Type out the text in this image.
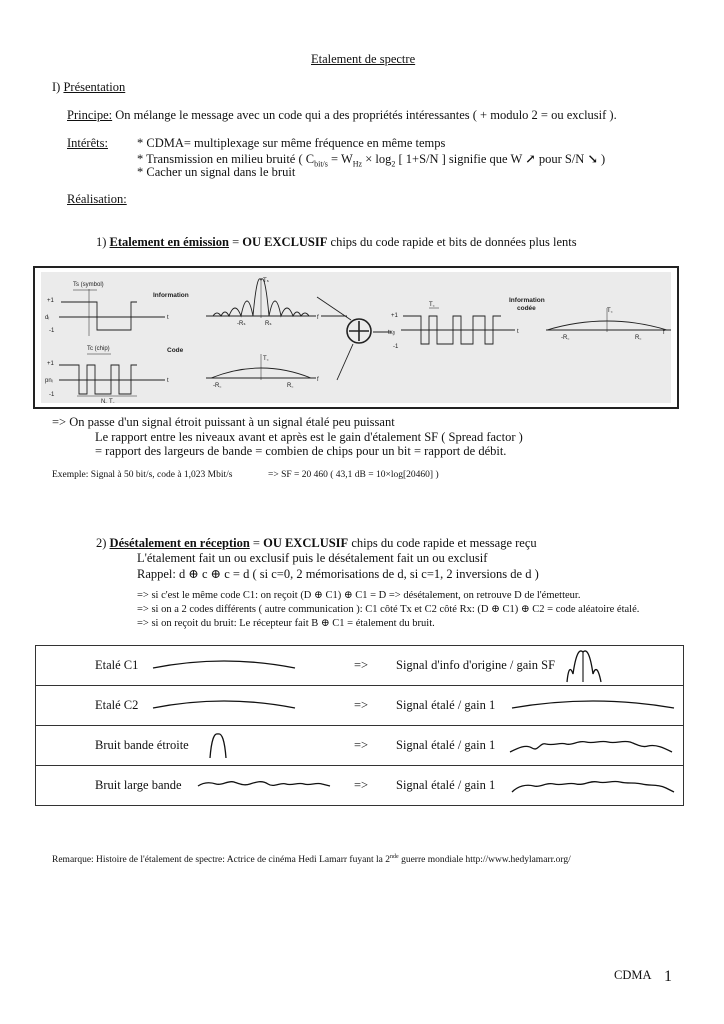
Etalement de spectre
I) Présentation
Principe: On mélange le message avec un code qui a des propriétés intéressantes ( + modulo 2 = ou exclusif ).
Intérêts: * CDMA= multiplexage sur même fréquence en même temps
* Transmission en milieu bruité ( $C_{bit/s} = W_{Hz} \times \log_2$ [ 1+S/N ] signifie que W ↗ pour S/N ↘ )
* Cacher un signal dans le bruit
Réalisation:
1) Etalement en émission = OU EXCLUSIF chips du code rapide et bits de données plus lents
Ts (symbol)
+1
dᵢ
-1
t
Information
Tₛ
-Rₛ	Rₛ
f
Tc (chip)	Code
+1
pnᵢ
-1
t
N꜀ T꜀
T꜀
-R꜀	R꜀
f
+1
txᵦ
-1
T꜀
t
Information
codée	T꜀
-R꜀	R꜀
f
=> On passe d'un signal étroit puissant à un signal étalé peu puissant
Le rapport entre les niveaux avant et après est le gain d'étalement SF ( Spread factor )
= rapport des largeurs de bande = combien de chips pour un bit = rapport de débit.
Exemple: Signal à 50 bit/s, code à 1,023 Mbit/s	=> SF = 20 460 ( 43,1 dB = 10×log[20460] )
2) Désétalement en réception = OU EXCLUSIF chips du code rapide et message reçu
L'étalement fait un ou exclusif puis le désétalement fait un ou exclusif
Rappel: d ⊕ c ⊕ c = d ( si c=0, 2 mémorisations de d, si c=1, 2 inversions de d )
=> si c'est le même code C1: on reçoit (D ⊕ C1) ⊕ C1 = D => désétalement, on retrouve D de l'émetteur.
=> si on a 2 codes différents ( autre communication ): C1 côté Tx et C2 côté Rx: (D ⊕ C1) ⊕ C2 = code aléatoire étalé.
=> si on reçoit du bruit: Le récepteur fait B ⊕ C1 = étalement du bruit.
Etalé C1	=> Signal d'info d'origine / gain SF

Etalé C2	=> Signal étalé / gain 1

Bruit bande étroite	=> Signal étalé / gain 1

Bruit large bande	=> Signal étalé / gain 1
Remarque: Histoire de l'étalement de spectre: Actrice de cinéma Hedi Lamarr fuyant la 2nde guerre mondiale http://www.hedylamarr.org/
CDMA 1
